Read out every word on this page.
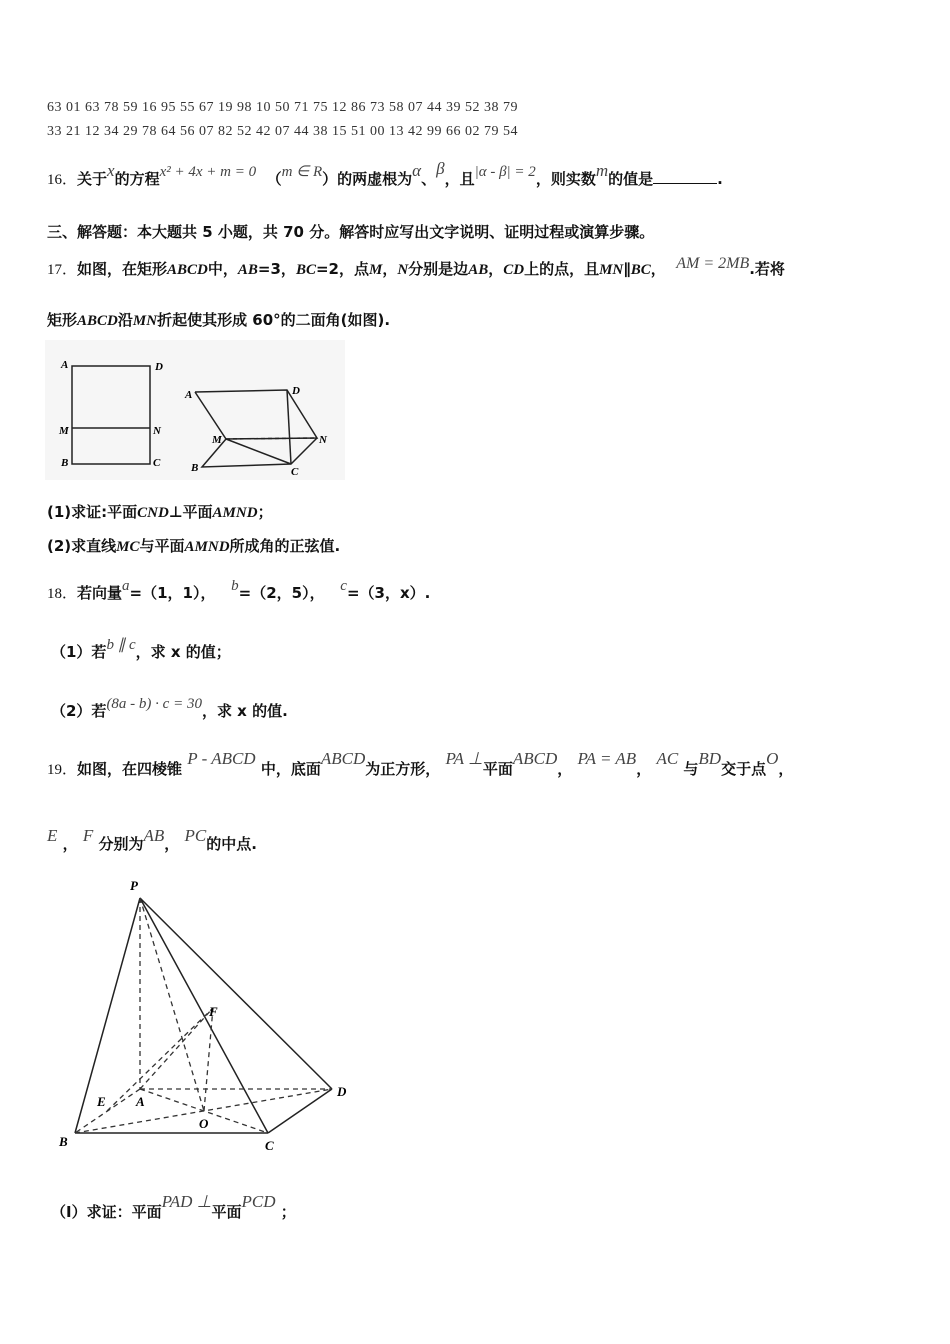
63 01 63 78 59 16 95 55 67 19 98 10 50 71 75 12 86 73 58 07 44 39 52 38 79
33 21 12 34 29 78 64 56 07 82 52 42 07 44 38 15 51 00 13 42 99 66 02 79 54
16．关于x的方程x² + 4x + m = 0 （m ∈ R）的两虚根为α、β，且|α - β| = 2，则实数m的值是	.
三、解答题：本大题共 5 小题，共 70 分。解答时应写出文字说明、证明过程或演算步骤。
17．如图，在矩形ABCD中，AB=3，BC=2，点M，N分别是边AB，CD上的点，且MN∥BC， AM = 2MB.若将
矩形ABCD沿MN折起使其形成 60°的二面角(如图).
A	D
M	N
B	C
A	D
M	N
B	C
(1)求证:平面CND⊥平面AMND；
(2)求直线MC与平面AMND所成角的正弦值.
18．若向量a=（1，1）， b=（2，5）， c=（3，x）.
（1）若b ∥ c，求 x 的值；
（2）若(8a - b) · c = 30，求 x 的值.
19．如图，在四棱锥 P - ABCD 中，底面ABCD为正方形， PA ⊥平面ABCD， PA = AB， AC 与BD交于点O，
E ， F 分别为AB， PC的中点.
P
A
B	C
D
E
F
O
（Ⅰ）求证：平面PAD ⊥平面PCD ；
